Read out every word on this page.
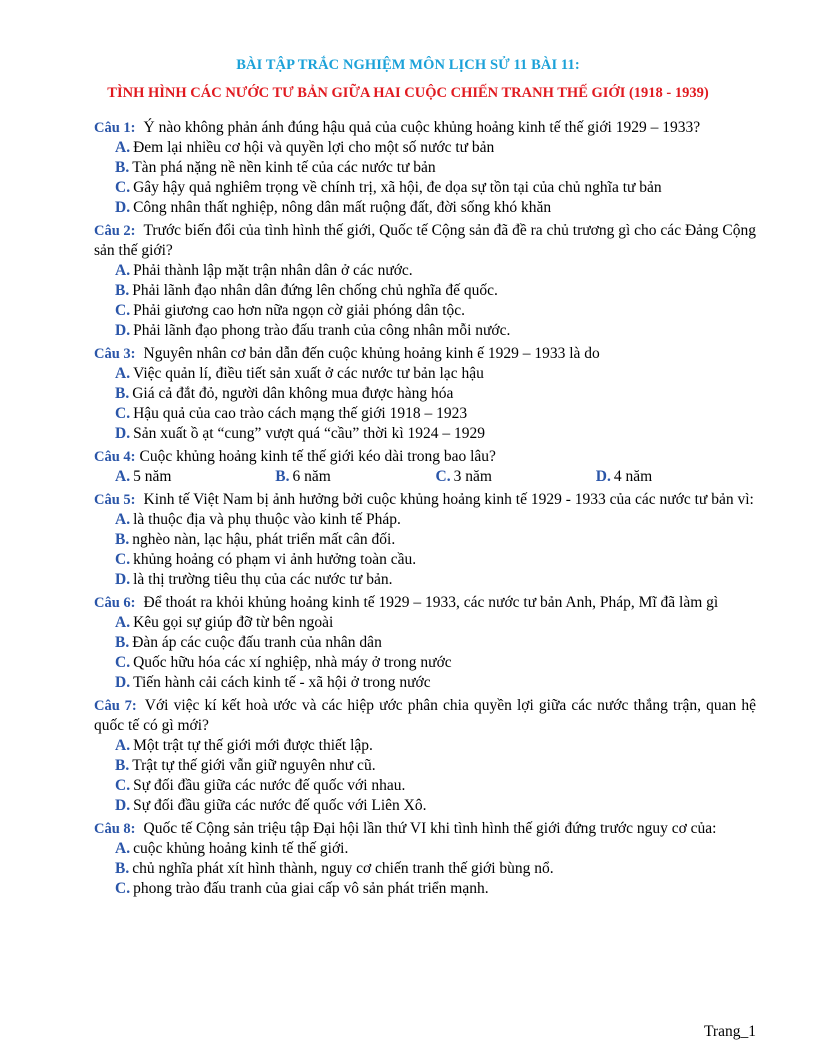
BÀI TẬP TRẮC NGHIỆM MÔN LỊCH SỬ 11 BÀI 11:
TÌNH HÌNH CÁC NƯỚC TƯ BẢN GIỮA HAI CUỘC CHIẾN TRANH THẾ GIỚI (1918 - 1939)
Câu 1: Ý nào không phản ánh đúng hậu quả của cuộc khủng hoảng kinh tế thế giới 1929 – 1933?
A. Đem lại nhiều cơ hội và quyền lợi cho một số nước tư bản
B. Tàn phá nặng nề nền kinh tế của các nước tư bản
C. Gây hậy quả nghiêm trọng về chính trị, xã hội, đe dọa sự tồn tại của chủ nghĩa tư bản
D. Công nhân thất nghiệp, nông dân mất ruộng đất, đời sống khó khăn
Câu 2: Trước biến đổi của tình hình thế giới, Quốc tế Cộng sản đã đề ra chủ trương gì cho các Đảng Cộng sản thế giới?
A. Phải thành lập mặt trận nhân dân ở các nước.
B. Phải lãnh đạo nhân dân đứng lên chống chủ nghĩa đế quốc.
C. Phải giương cao hơn nữa ngọn cờ giải phóng dân tộc.
D. Phải lãnh đạo phong trào đấu tranh của công nhân mỗi nước.
Câu 3: Nguyên nhân cơ bản dẫn đến cuộc khủng hoảng kinh ế 1929 – 1933 là do
A. Việc quản lí, điều tiết sản xuất ở các nước tư bản lạc hậu
B. Giá cả đắt đỏ, người dân không mua được hàng hóa
C. Hậu quả của cao trào cách mạng thế giới 1918 – 1923
D. Sản xuất ồ ạt “cung” vượt quá “cầu” thời kì 1924 – 1929
Câu 4: Cuộc khủng hoảng kinh tế thế giới kéo dài trong bao lâu?
A. 5 năm	B. 6 năm	C. 3 năm	D. 4 năm
Câu 5: Kinh tế Việt Nam bị ảnh hưởng bởi cuộc khủng hoảng kinh tế 1929 - 1933 của các nước tư bản vì:
A. là thuộc địa và phụ thuộc vào kinh tế Pháp.
B. nghèo nàn, lạc hậu, phát triển mất cân đối.
C. khủng hoảng có phạm vi ảnh hưởng toàn cầu.
D. là thị trường tiêu thụ của các nước tư bản.
Câu 6: Để thoát ra khỏi khủng hoảng kinh tế 1929 – 1933, các nước tư bản Anh, Pháp, Mĩ đã làm gì
A. Kêu gọi sự giúp đỡ từ bên ngoài
B. Đàn áp các cuộc đấu tranh của nhân dân
C. Quốc hữu hóa các xí nghiệp, nhà máy ở trong nước
D. Tiến hành cải cách kinh tế - xã hội ở trong nước
Câu 7: Với việc kí kết hoà ước và các hiệp ước phân chia quyền lợi giữa các nước thắng trận, quan hệ quốc tế có gì mới?
A. Một trật tự thế giới mới được thiết lập.
B. Trật tự thế giới vẫn giữ nguyên như cũ.
C. Sự đối đầu giữa các nước đế quốc với nhau.
D. Sự đối đầu giữa các nước đế quốc với Liên Xô.
Câu 8: Quốc tế Cộng sản triệu tập Đại hội lần thứ VI khi tình hình thế giới đứng trước nguy cơ của:
A. cuộc khủng hoảng kinh tế thế giới.
B. chủ nghĩa phát xít hình thành, nguy cơ chiến tranh thế giới bùng nổ.
C. phong trào đấu tranh của giai cấp vô sản phát triển mạnh.
Trang_1
